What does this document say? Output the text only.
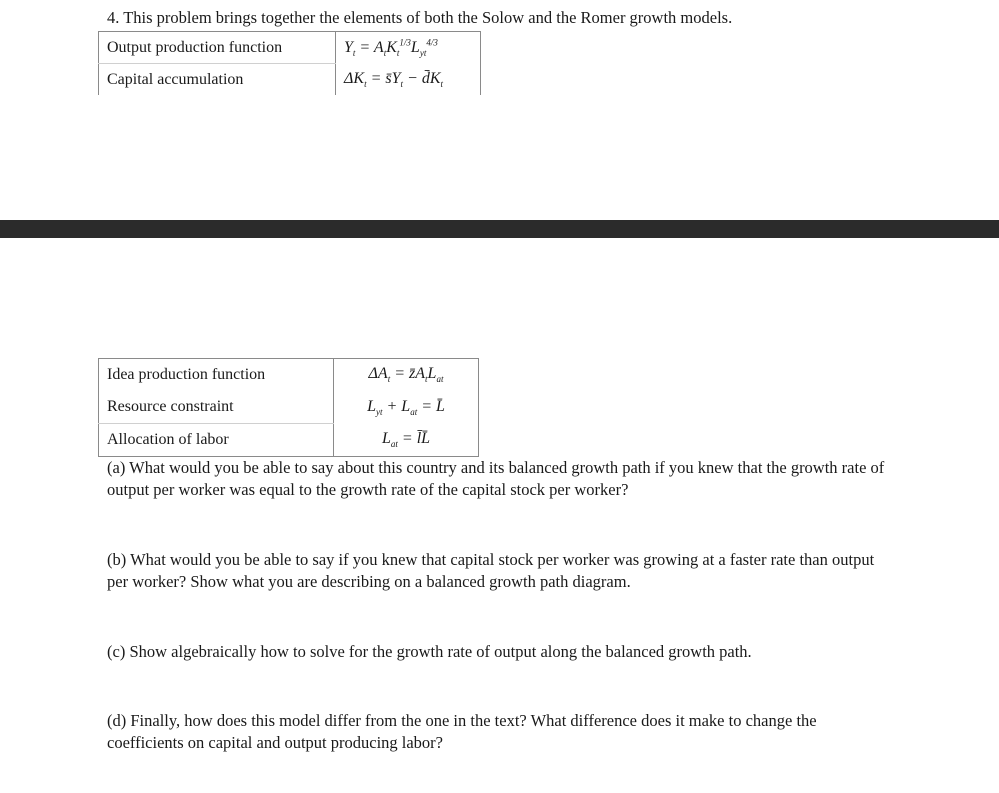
4. This problem brings together the elements of both the Solow and the Romer growth models.
Output production function	$Y_t = A_tK_t^{1/3}L_{yt}^{4/3}$
Capital accumulation	$\Delta K_t$ = $s̄Y_t$ − $d̄K_t$
Idea production function	$\Delta A_t$ = $z̄A_tL_{at}$
Resource constraint	$L_{yt} + L_{at}$ = L̄
Allocation of labor	$L_{at}$ = l̄L̄
(a) What would you be able to say about this country and its balanced growth path if you knew that the growth rate of output per worker was equal to the growth rate of the capital stock per worker?
(b) What would you be able to say if you knew that capital stock per worker was growing at a faster rate than output per worker? Show what you are describing on a balanced growth path diagram.
(c) Show algebraically how to solve for the growth rate of output along the balanced growth path.
(d) Finally, how does this model differ from the one in the text? What difference does it make to change the coefficients on capital and output producing labor?
